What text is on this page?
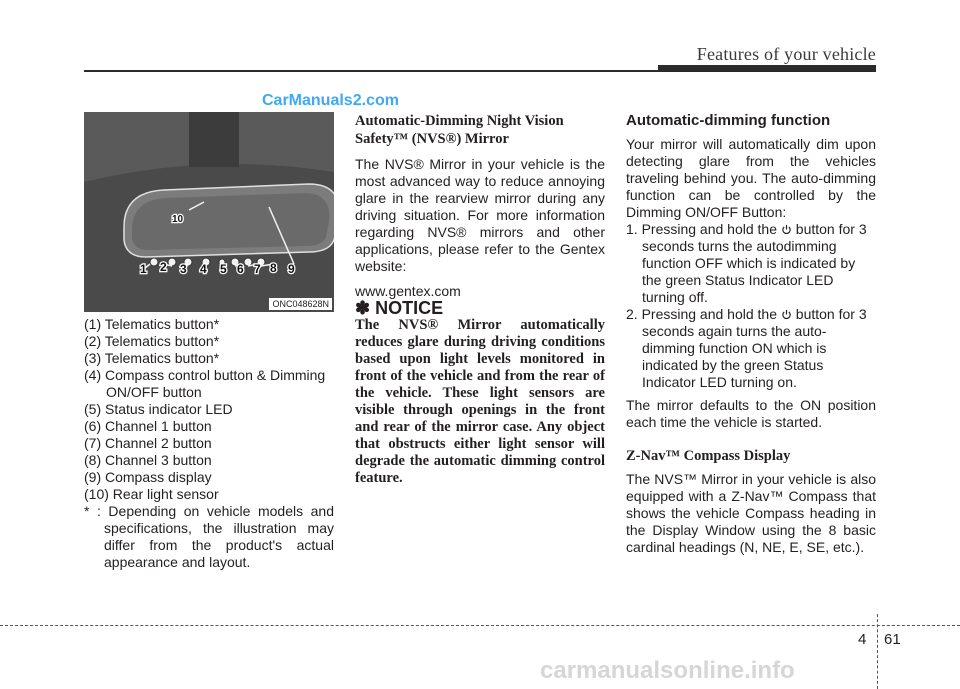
Features of your vehicle
CarManuals2.com
1 2 3 4 5 6 7 8 9
10
ONC048628N

(1) Telematics button*

(2) Telematics button*

(3) Telematics button*

(4) Compass control button & Dimming ON/OFF button

(5) Status indicator LED

(6) Channel 1 button

(7) Channel 2 button

(8) Channel 3 button

(9) Compass display

(10) Rear light sensor

* : Depending on vehicle models and specifications, the illustration may differ from the product's actual appearance and layout.

Automatic-Dimming Night Vision Safety™ (NVS®) Mirror

The NVS® Mirror in your vehicle is the most advanced way to reduce annoying glare in the rearview mirror during any driving situation. For more information regarding NVS® mirrors and other applications, please refer to the Gentex website:

www.gentex.com

✽ NOTICE

The NVS® Mirror automatically reduces glare during driving conditions based upon light levels monitored in front of the vehicle and from the rear of the vehicle. These light sensors are visible through openings in the front and rear of the mirror case. Any object that obstructs either light sensor will degrade the automatic dimming control feature.

Automatic-dimming function

Your mirror will automatically dim upon detecting glare from the vehicles traveling behind you. The auto-dimming function can be controlled by the Dimming ON/OFF Button:

1. Pressing and hold the button for 3 seconds turns the autodimming function OFF which is indicated by the green Status Indicator LED turning off.

2. Pressing and hold the button for 3 seconds again turns the auto-dimming function ON which is indicated by the green Status Indicator LED turning on.

The mirror defaults to the ON position each time the vehicle is started.

Z-Nav™ Compass Display

The NVS™ Mirror in your vehicle is also equipped with a Z-Nav™ Compass that shows the vehicle Compass heading in the Display Window using the 8 basic cardinal headings (N, NE, E, SE, etc.).

4 61
carmanualsonline.info
